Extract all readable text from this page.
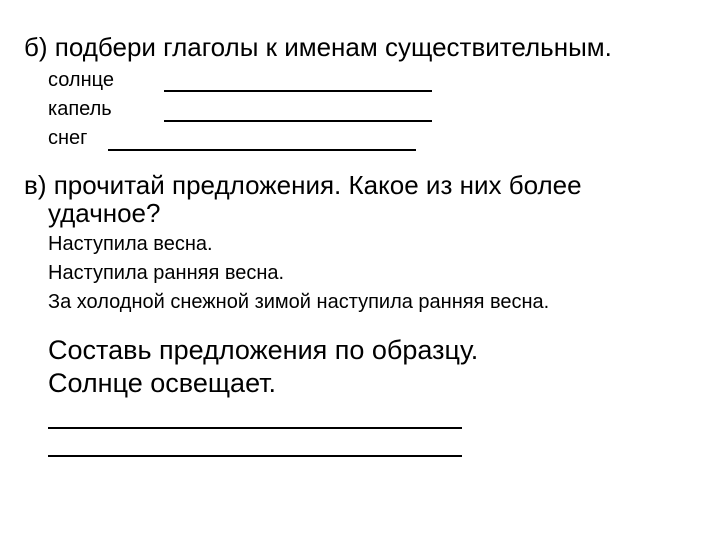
б) подбери глаголы к именам существительным.
солнце
капель
снег
в) прочитай предложения. Какое из них более
удачное?
Наступила весна.
Наступила ранняя весна.
За холодной снежной зимой наступила ранняя весна.
Составь предложения по образцу.
Солнце освещает.
